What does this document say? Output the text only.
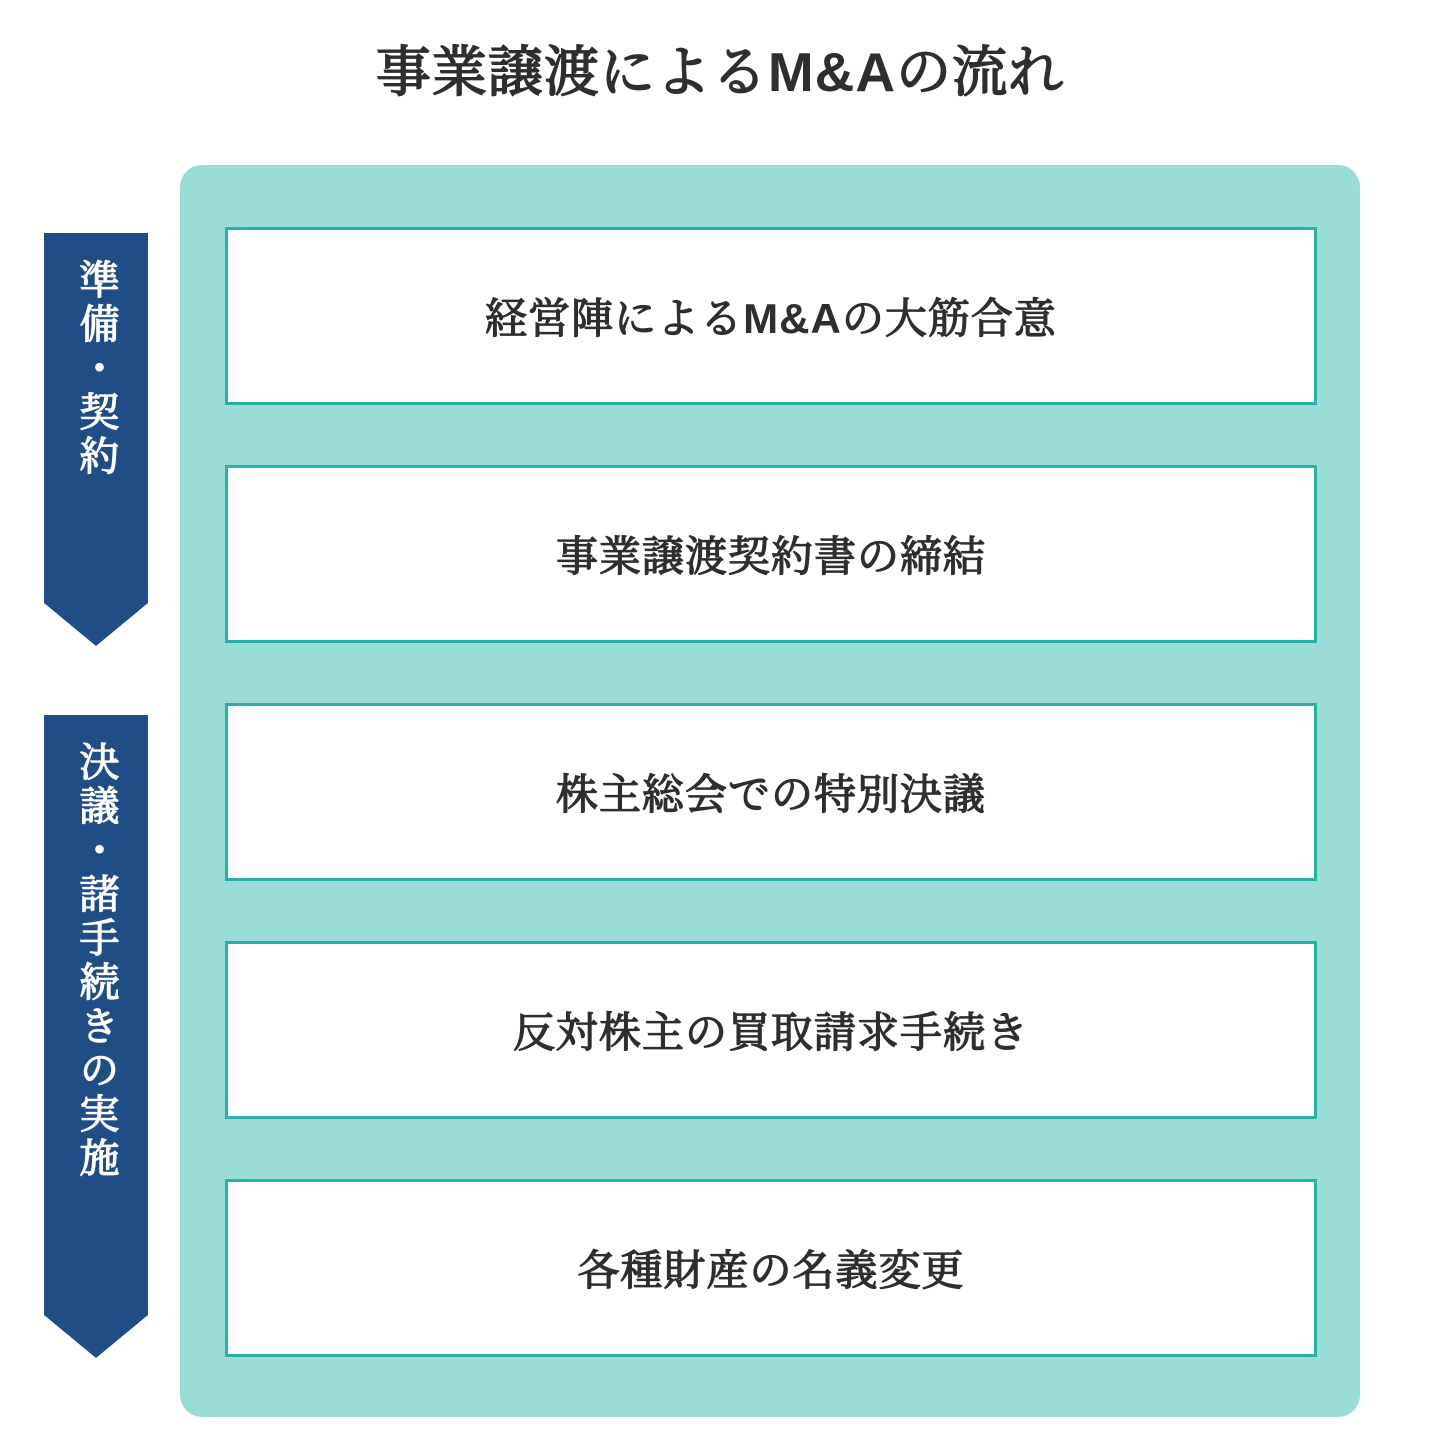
事業譲渡によるM&Aの流れ
準備・契約
決議・諸手続きの実施
経営陣によるM&Aの大筋合意
事業譲渡契約書の締結
株主総会での特別決議
反対株主の買取請求手続き
各種財産の名義変更
